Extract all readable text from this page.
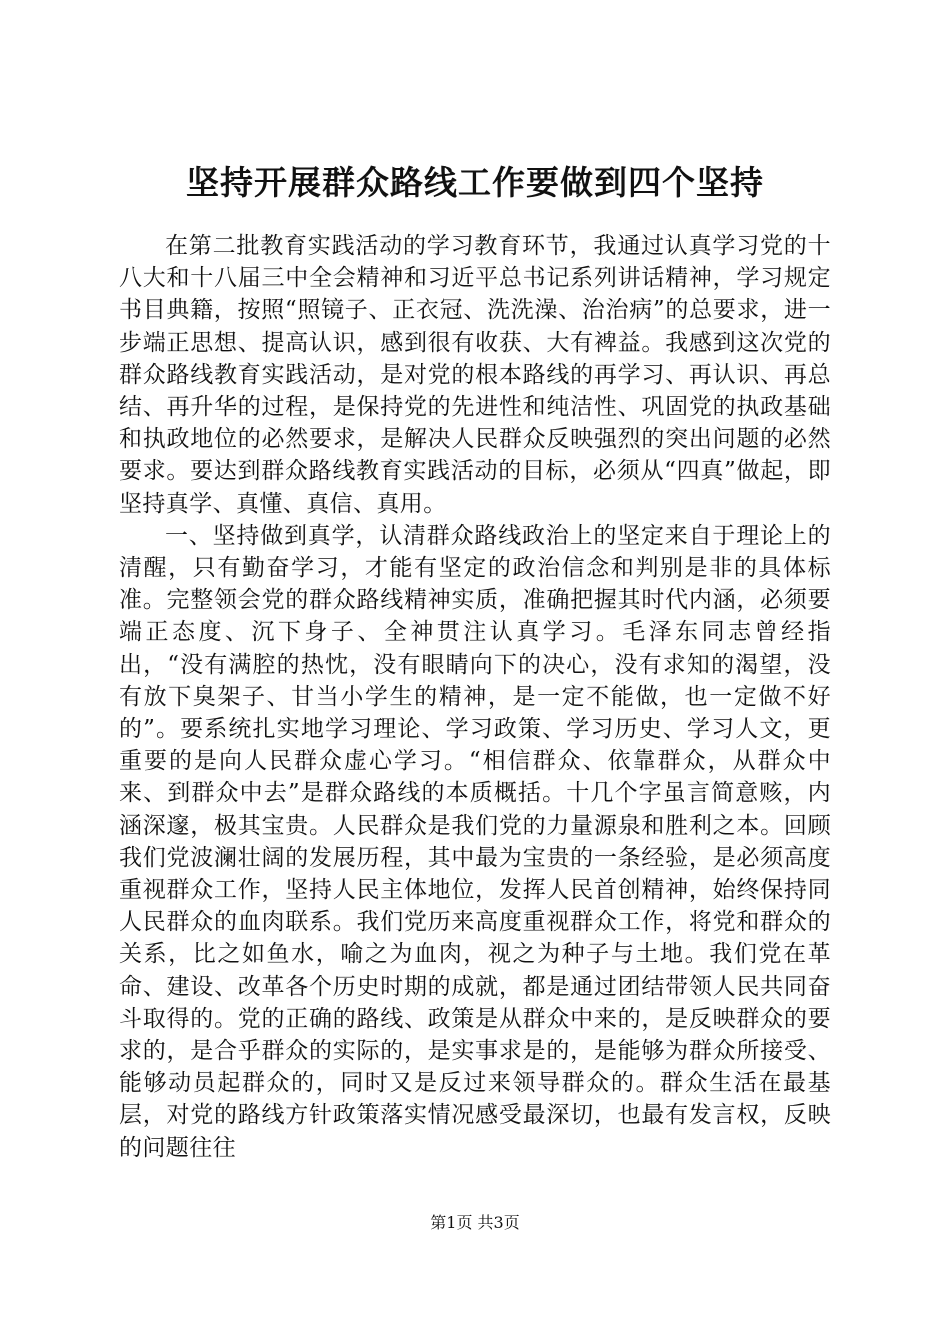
坚持开展群众路线工作要做到四个坚持

在第二批教育实践活动的学习教育环节，我通过认真学习党的十八大和十八届三中全会精神和习近平总书记系列讲话精神，学习规定书目典籍，按照“照镜子、正衣冠、洗洗澡、治治病”的总要求，进一步端正思想、提高认识，感到很有收获、大有裨益。我感到这次党的群众路线教育实践活动，是对党的根本路线的再学习、再认识、再总结、再升华的过程，是保持党的先进性和纯洁性、巩固党的执政基础和执政地位的必然要求，是解决人民群众反映强烈的突出问题的必然要求。要达到群众路线教育实践活动的目标，必须从“四真”做起，即坚持真学、真懂、真信、真用。

一、坚持做到真学，认清群众路线政治上的坚定来自于理论上的清醒，只有勤奋学习，才能有坚定的政治信念和判别是非的具体标准。完整领会党的群众路线精神实质，准确把握其时代内涵，必须要端正态度、沉下身子、全神贯注认真学习。毛泽东同志曾经指出，“没有满腔的热忱，没有眼睛向下的决心，没有求知的渴望，没有放下臭架子、甘当小学生的精神，是一定不能做，也一定做不好的”。要系统扎实地学习理论、学习政策、学习历史、学习人文，更重要的是向人民群众虚心学习。“相信群众、依靠群众，从群众中来、到群众中去”是群众路线的本质概括。十几个字虽言简意赅，内涵深邃，极其宝贵。人民群众是我们党的力量源泉和胜利之本。回顾我们党波澜壮阔的发展历程，其中最为宝贵的一条经验，是必须高度重视群众工作，坚持人民主体地位，发挥人民首创精神，始终保持同人民群众的血肉联系。我们党历来高度重视群众工作，将党和群众的关系，比之如鱼水，喻之为血肉，视之为种子与土地。我们党在革命、建设、改革各个历史时期的成就，都是通过团结带领人民共同奋斗取得的。党的正确的路线、政策是从群众中来的，是反映群众的要求的，是合乎群众的实际的，是实事求是的，是能够为群众所接受、能够动员起群众的，同时又是反过来领导群众的。群众生活在最基层，对党的路线方针政策落实情况感受最深切，也最有发言权，反映的问题往往

第1页 共3页
